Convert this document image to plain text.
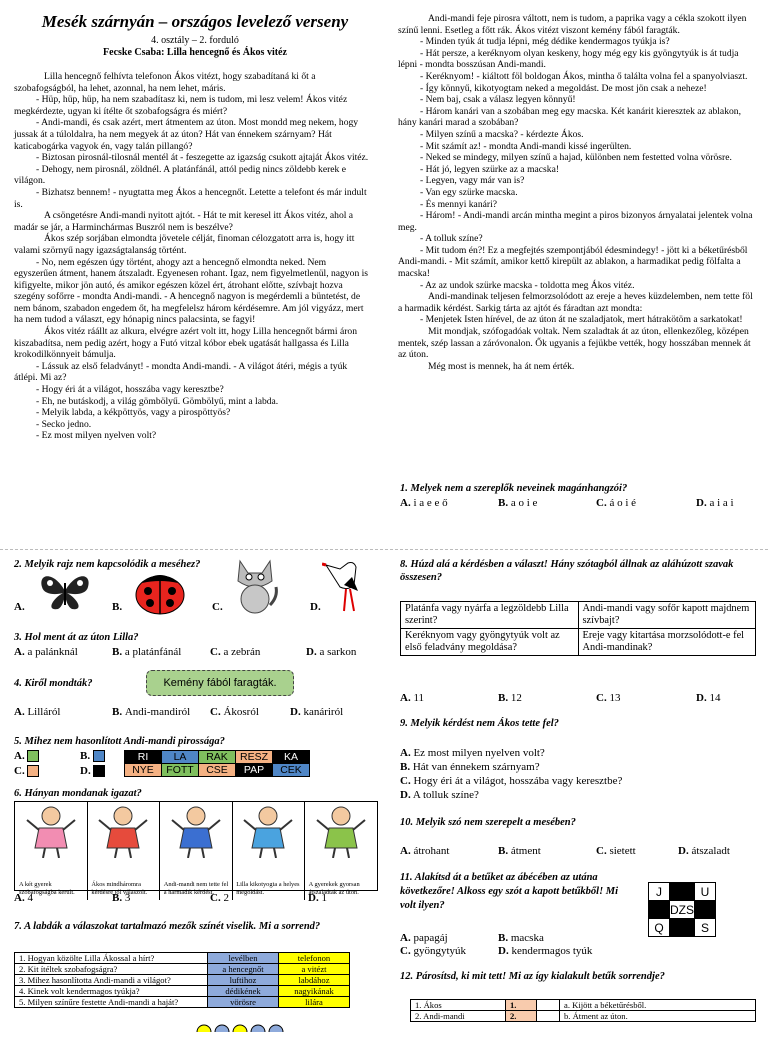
Mesék szárnyán – országos levelező verseny
4. osztály – 2. forduló
Fecske Csaba: Lilla hencegnő és Ákos vitéz

Lilla hencegnő felhívta telefonon Ákos vitézt, hogy szabadítaná ki őt a szobafogságból, ha lehet, azonnal, ha nem lehet, máris.

- Hüp, hüp, hüp, ha nem szabadítasz ki, nem is tudom, mi lesz velem! Ákos vitéz megkérdezte, ugyan ki ítélte őt szobafogságra és miért?

- Andi-mandi, és csak azért, mert átmentem az úton. Most mondd meg nekem, hogy jussak át a túloldalra, ha nem megyek át az úton? Hát van énnekem szárnyam? Hát katicabogárka vagyok én, vagy talán pillangó?

- Biztosan pirosnál-tilosnál mentél át - feszegette az igazság csukott ajtaját Ákos vitéz.

- Dehogy, nem pirosnál, zöldnél. A platánfánál, attól pedig nincs zöldebb kerek e világon.

- Bizhatsz bennem! - nyugtatta meg Ákos a hencegnőt. Letette a telefont és már indult is.

A csöngetésre Andi-mandi nyitott ajtót. - Hát te mit keresel itt Ákos vitéz, ahol a madár se jár, a Harminchármas Buszról nem is beszélve?

Ákos szép sorjában elmondta jövetele célját, finoman célozgatott arra is, hogy itt valami szörnyű nagy igazságtalanság történt.

- No, nem egészen úgy történt, ahogy azt a hencegnő elmondta neked. Nem egyszerűen átment, hanem átszaladt. Egyenesen rohant. Igaz, nem figyelmetlenül, nagyon is kifigyelte, mikor jön autó, és amikor egészen közel ért, átrohant előtte, szívbajt hozva szegény sofőrre - mondta Andi-mandi. - A hencegnő nagyon is megérdemli a büntetést, de nem bánom, szabadon engedem őt, ha megfelelsz három kérdésemre. Am jól vigyázz, mert ha nem tudod a választ, egy hónapig nincs palacsinta, se fagyi!

Ákos vitéz ráállt az alkura, elvégre azért volt itt, hogy Lilla hencegnőt bármi áron kiszabadítsa, nem pedig azért, hogy a Futó vitzal kóbor ebek ugatását hallgassa és Lilla krokodilkönnyeit bámulja.

- Lássuk az első feladványt! - mondta Andi-mandi. - A világot átéri, mégis a tyúk átlépi. Mi az?

- Hogy éri át a világot, hosszába vagy keresztbe?

- Eh, ne butáskodj, a világ gömbölyű. Gömbölyű, mint a labda.

- Melyik labda, a kékpöttyös, vagy a pirospöttyös?

- Secko jedno.

- Ez most milyen nyelven volt?

Andi-mandi feje pirosra váltott, nem is tudom, a paprika vagy a cékla szokott ilyen színű lenni. Esetleg a főtt rák. Ákos vitézt viszont kemény fából faragták.

- Minden tyúk át tudja lépni, még dédike kendermagos tyúkja is?

- Hát persze, a keréknyom olyan keskeny, hogy még egy kis gyöngytyúk is át tudja lépni - mondta bosszúsan Andi-mandi.

- Keréknyom! - kiáltott föl boldogan Ákos, mintha ő találta volna fel a spanyolviaszt.

- Így könnyű, kikotyogtam neked a megoldást. De most jön csak a neheze!

- Nem baj, csak a válasz legyen könnyű!

- Három kanári van a szobában meg egy macska. Két kanárit kieresztek az ablakon, hány kanári marad a szobában?

- Milyen színű a macska? - kérdezte Ákos.

- Mit számít az! - mondta Andi-mandi kissé ingerülten.

- Neked se mindegy, milyen színű a hajad, különben nem festetted volna vörösre.

- Hát jó, legyen szürke az a macska!

- Legyen, vagy már van is?

- Van egy szürke macska.

- És mennyi kanári?

- Három! - Andi-mandi arcán mintha megint a piros bizonyos árnyalatai jelentek volna meg.

- A tolluk színe?

- Mit tudom én?! Ez a megfejtés szempontjából édesmindegy! - jött ki a béketűrésből Andi-mandi. - Mit számít, amikor kettő kirepült az ablakon, a harmadikat pedig fölfalta a macska!

- Az az undok szürke macska - toldotta meg Ákos vitéz.

Andi-mandinak teljesen felmorzsolódott az ereje a heves küzdelemben, nem tette föl a harmadik kérdést. Sarkig tárta az ajtót és fáradtan azt mondta:

- Menjetek Isten hírével, de az úton át ne szaladjatok, mert hátrakötöm a sarkatokat!

Mit mondjak, szófogadóak voltak. Nem szaladtak át az úton, ellenkezőleg, középen mentek, szép lassan a záróvonalon. Ők ugyanis a fejükbe vették, hogy hosszában mennek át az úton.

Még most is mennek, ha át nem érték.

1. Melyek nem a szereplők neveinek magánhangzói?
A. i a e e ő	B. a o i e	C. á o i é	D. a i a i
2. Melyik rajz nem kapcsolódik a meséhez?
A.	B.	C.	D.
3. Hol ment át az úton Lilla?
A. a palánknál	B. a platánfánál	C. a zebrán	D. a sarkon
4. Kiről mondták?	Kemény fából faragták.
A. Lilláról	B. Andi-mandiról	C. Ákosról	D. kanáriról
5. Mihez nem hasonlított Andi-mandi pirossága?
A.	B.
C.	D.
RI	LA	RAK	RESZ	KA
NYE	FOTT	CSE	PAP	CEK
6. Hányan mondanak igazat?
A két gyerek szobafogságba került.
Ákos mindháromra kérdésre jól válaszolt.
Andi-mandi nem tette fel a harmadik kérdést.
Lilla kikotyogta a helyes megoldást.
A gyerekek gyorsan átszaladtak az úton.
A. 4	B. 3	C. 2	D. 1
7. A labdák a válaszokat tartalmazó mezők színét viselik. Mi a sorrend?
1. Hogyan közölte Lilla Ákossal a hírt?	levélben	telefonon
2. Kit ítéltek szobafogságra?	a hencegnőt	a vitézt
3. Mihez hasonlította Andi-mandi a világot?	luftihoz	labdához
4. Kinek volt kendermagos tyúkja?	dédikének	nagyikának
5. Milyen színűre festette Andi-mandi a haját?	vörösre	lilára
8. Húzd alá a kérdésben a választ! Hány szótagból állnak az aláhúzott szavak összesen?
Platánfa vagy nyárfa a legzöldebb Lilla szerint?	Andi-mandi vagy sofőr kapott majdnem szívbajt?
Keréknyom vagy gyöngytyúk volt az első feladvány megoldása?	Ereje vagy kitartása morzsolódott-e fel Andi-mandinak?
A. 11	B. 12	C. 13	D. 14
9. Melyik kérdést nem Ákos tette fel?
A. Ez most milyen nyelven volt?
B. Hát van énnekem szárnyam?
C. Hogy éri át a világot, hosszába vagy keresztbe?
D. A tolluk színe?
10. Melyik szó nem szerepelt a mesében?
A. átrohant	B. átment	C. sietett	D. átszaladt
11. Alakítsd át a betűket az ábécében az utána következőre! Alkoss egy szót a kapott betűkből! Mi volt ilyen?
J		U
	DZS	
Q		S
A. papagáj	B. macska
C. gyöngytyúk	D. kendermagos tyúk
12. Párosítsd, ki mit tett! Mi az így kialakult betűk sorrendje?
1. Ákos	1.		a. Kijött a béketűrésből.
2. Andi-mandi	2.		b. Átment az úton.
